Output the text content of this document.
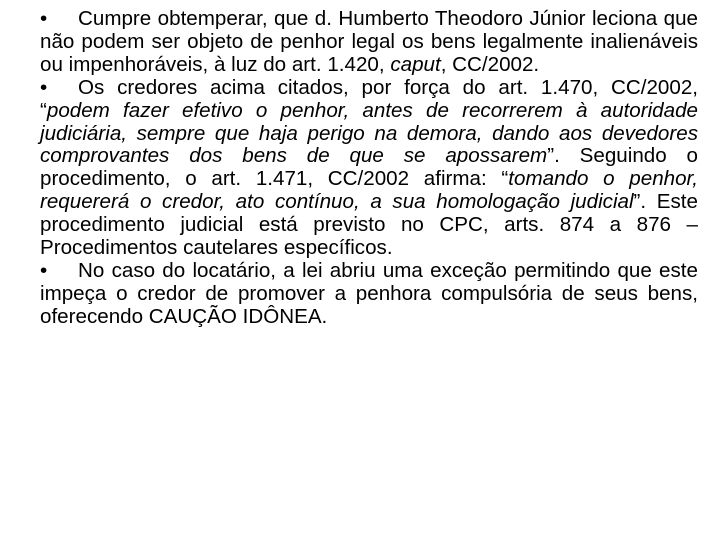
• Cumpre obtemperar, que d. Humberto Theodoro Júnior leciona que não podem ser objeto de penhor legal os bens legalmente inalienáveis ou impenhoráveis, à luz do art. 1.420, caput, CC/2002.

• Os credores acima citados, por força do art. 1.470, CC/2002, “podem fazer efetivo o penhor, antes de recorrerem à autoridade judiciária, sempre que haja perigo na demora, dando aos devedores comprovantes dos bens de que se apossarem”. Seguindo o procedimento, o art. 1.471, CC/2002 afirma: “tomando o penhor, requererá o credor, ato contínuo, a sua homologação judicial”. Este procedimento judicial está previsto no CPC, arts. 874 a 876 – Procedimentos cautelares específicos.

• No caso do locatário, a lei abriu uma exceção permitindo que este impeça o credor de promover a penhora compulsória de seus bens, oferecendo CAUÇÃO IDÔNEA.
